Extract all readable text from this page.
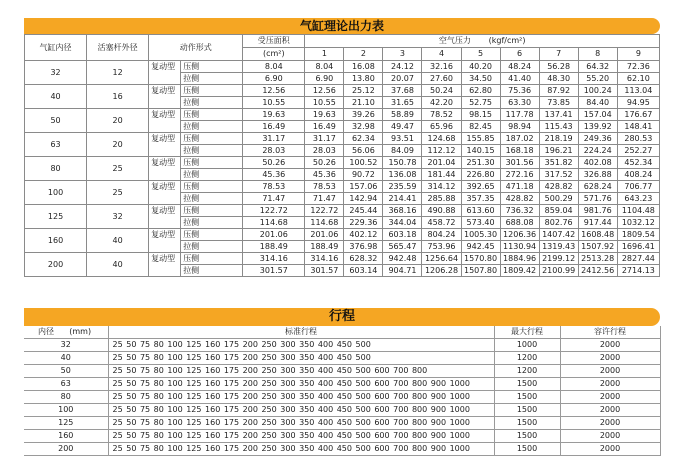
气缸理论出力表
气缸内径	活塞杆外径	动作形式		受压面积	空气压力 (kgf/cm²)								
				(cm²)	1	2	3	4	5	6	7	8	9
32	12	复动型	压侧	8.04	8.04	16.08	24.12	32.16	40.20	48.24	56.28	64.32	72.36
			拉侧	6.90	6.90	13.80	20.07	27.60	34.50	41.40	48.30	55.20	62.10
40	16	复动型	压侧	12.56	12.56	25.12	37.68	50.24	62.80	75.36	87.92	100.24	113.04
			拉侧	10.55	10.55	21.10	31.65	42.20	52.75	63.30	73.85	84.40	94.95
50	20	复动型	压侧	19.63	19.63	39.26	58.89	78.52	98.15	117.78	137.41	157.04	176.67
			拉侧	16.49	16.49	32.98	49.47	65.96	82.45	98.94	115.43	139.92	148.41
63	20	复动型	压侧	31.17	31.17	62.34	93.51	124.68	155.85	187.02	218.19	249.36	280.53
			拉侧	28.03	28.03	56.06	84.09	112.12	140.15	168.18	196.21	224.24	252.27
80	25	复动型	压侧	50.26	50.26	100.52	150.78	201.04	251.30	301.56	351.82	402.08	452.34
			拉侧	45.36	45.36	90.72	136.08	181.44	226.80	272.16	317.52	326.88	408.24
100	25	复动型	压侧	78.53	78.53	157.06	235.59	314.12	392.65	471.18	428.82	628.24	706.77
			拉侧	71.47	71.47	142.94	214.41	285.88	357.35	428.82	500.29	571.76	643.23
125	32	复动型	压侧	122.72	122.72	245.44	368.16	490.88	613.60	736.32	859.04	981.76	1104.48
			拉侧	114.68	114.68	229.36	344.04	458.72	573.40	688.08	802.76	917.44	1032.12
160	40	复动型	压侧	201.06	201.06	402.12	603.18	804.24	1005.30	1206.36	1407.42	1608.48	1809.54
			拉侧	188.49	188.49	376.98	565.47	753.96	942.45	1130.94	1319.43	1507.92	1696.41
200	40	复动型	压侧	314.16	314.16	628.32	942.48	1256.64	1570.80	1884.96	2199.12	2513.28	2827.44
			拉侧	301.57	301.57	603.14	904.71	1206.28	1507.80	1809.42	2100.99	2412.56	2714.13
行程
内径 (mm)	标准行程	最大行程	容许行程
32	25 50 75 80 100 125 160 175 200 250 300 350 400 450 500	1000	2000
40	25 50 75 80 100 125 160 175 200 250 300 350 400 450 500	1200	2000
50	25 50 75 80 100 125 160 175 200 250 300 350 400 450 500 600 700 800	1200	2000
63	25 50 75 80 100 125 160 175 200 250 300 350 400 450 500 600 700 800 900 1000	1500	2000
80	25 50 75 80 100 125 160 175 200 250 300 350 400 450 500 600 700 800 900 1000	1500	2000
100	25 50 75 80 100 125 160 175 200 250 300 350 400 450 500 600 700 800 900 1000	1500	2000
125	25 50 75 80 100 125 160 175 200 250 300 350 400 450 500 600 700 800 900 1000	1500	2000
160	25 50 75 80 100 125 160 175 200 250 300 350 400 450 500 600 700 800 900 1000	1500	2000
200	25 50 75 80 100 125 160 175 200 250 300 350 400 450 500 600 700 800 900 1000	1500	2000
